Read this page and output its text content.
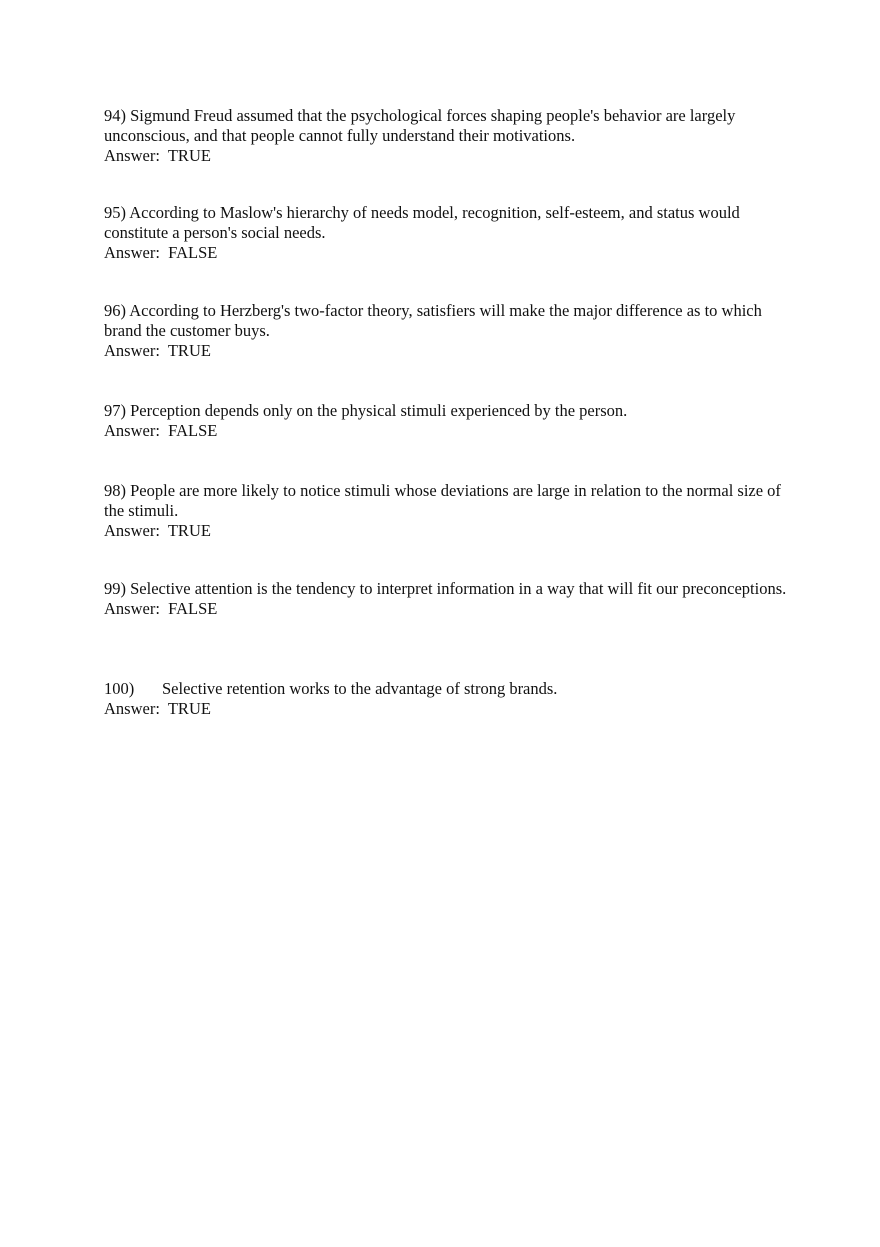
94) Sigmund Freud assumed that the psychological forces shaping people's behavior are largely unconscious, and that people cannot fully understand their motivations.
Answer:  TRUE
95) According to Maslow's hierarchy of needs model, recognition, self-esteem, and status would constitute a person's social needs.
Answer:  FALSE
96) According to Herzberg's two-factor theory, satisfiers will make the major difference as to which brand the customer buys.
Answer:  TRUE
97) Perception depends only on the physical stimuli experienced by the person.
Answer:  FALSE
98) People are more likely to notice stimuli whose deviations are large in relation to the normal size of the stimuli.
Answer:  TRUE
99) Selective attention is the tendency to interpret information in a way that will fit our preconceptions.
Answer:  FALSE
100) Selective retention works to the advantage of strong brands.
Answer:  TRUE
